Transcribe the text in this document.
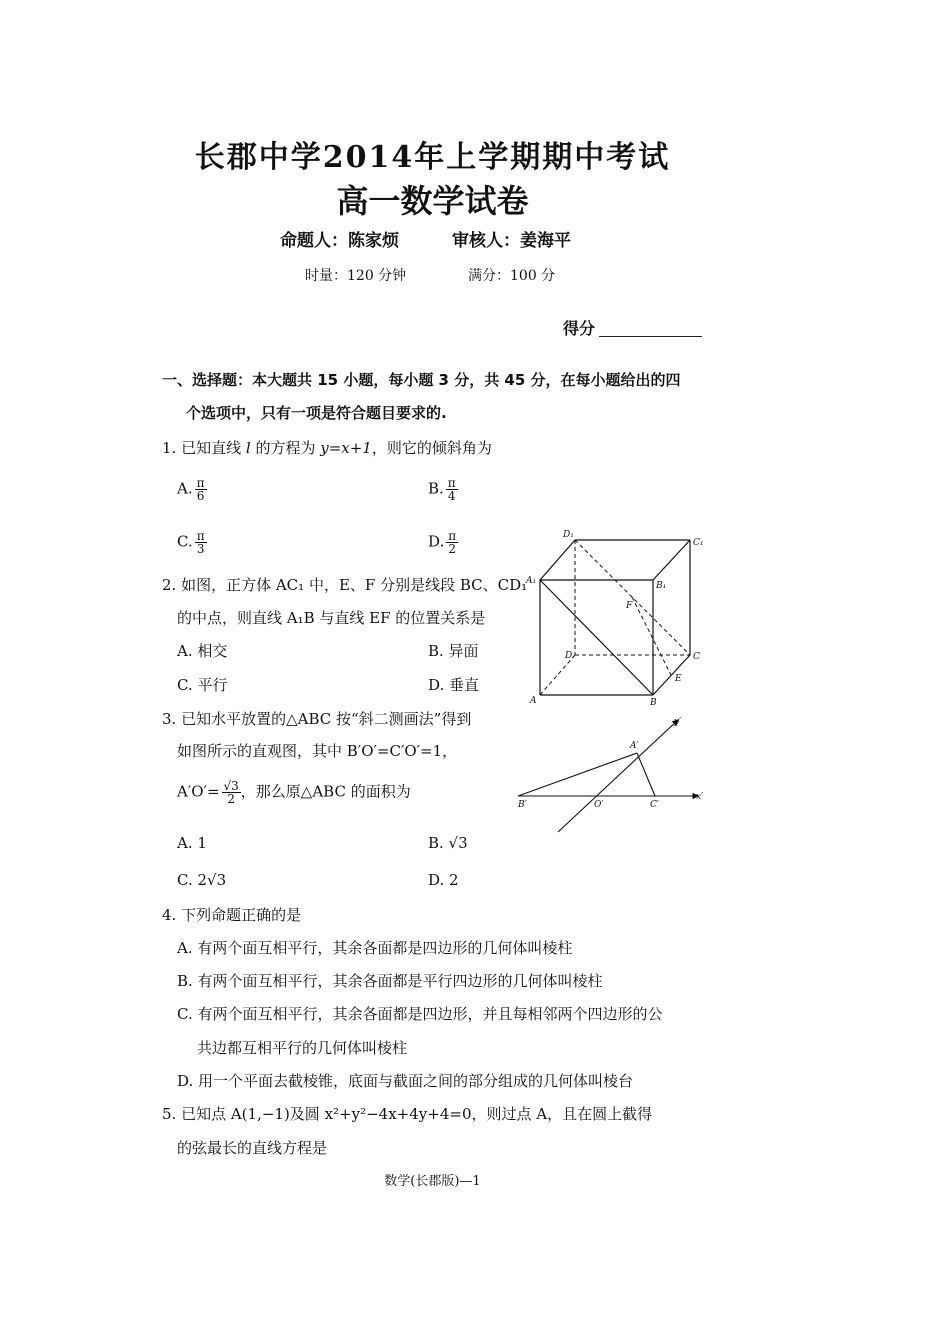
长郡中学2014年上学期期中考试
高一数学试卷
命题人：陈家烦	审核人：姜海平
时量：120 分钟	满分：100 分
得分
一、选择题：本大题共 15 小题，每小题 3 分，共 45 分，在每小题给出的四
个选项中，只有一项是符合题目要求的.
1. 已知直线 l 的方程为 y=x+1，则它的倾斜角为
A. $\frac{\pi}{6}$	B. $\frac{\pi}{4}$
C. $\frac{\pi}{3}$	D. $\frac{\pi}{2}$
2. 如图，正方体 AC₁ 中，E、F 分别是线段 BC、CD₁
的中点，则直线 A₁B 与直线 EF 的位置关系是
A. 相交	B. 异面
C. 平行	D. 垂直
D₁
C₁
A₁	B₁
D	C
A	B
E
F
3. 已知水平放置的△ABC 按“斜二测画法”得到
如图所示的直观图，其中 B′O′=C′O′=1，
$A'O'= \frac{√3}{2}$ ，那么原△ABC 的面积为
A. 1	B. √3
C. 2√3	D. 2
A′
B′	O′	C′
x′
y′
4. 下列命题正确的是
A. 有两个面互相平行，其余各面都是四边形的几何体叫棱柱
B. 有两个面互相平行，其余各面都是平行四边形的几何体叫棱柱
C. 有两个面互相平行，其余各面都是四边形，并且每相邻两个四边形的公
共边都互相平行的几何体叫棱柱
D. 用一个平面去截棱锥，底面与截面之间的部分组成的几何体叫棱台
5. 已知点 A(1,−1)及圆 x²+y²−4x+4y+4=0，则过点 A，且在圆上截得
的弦最长的直线方程是
数学(长郡版)—1
